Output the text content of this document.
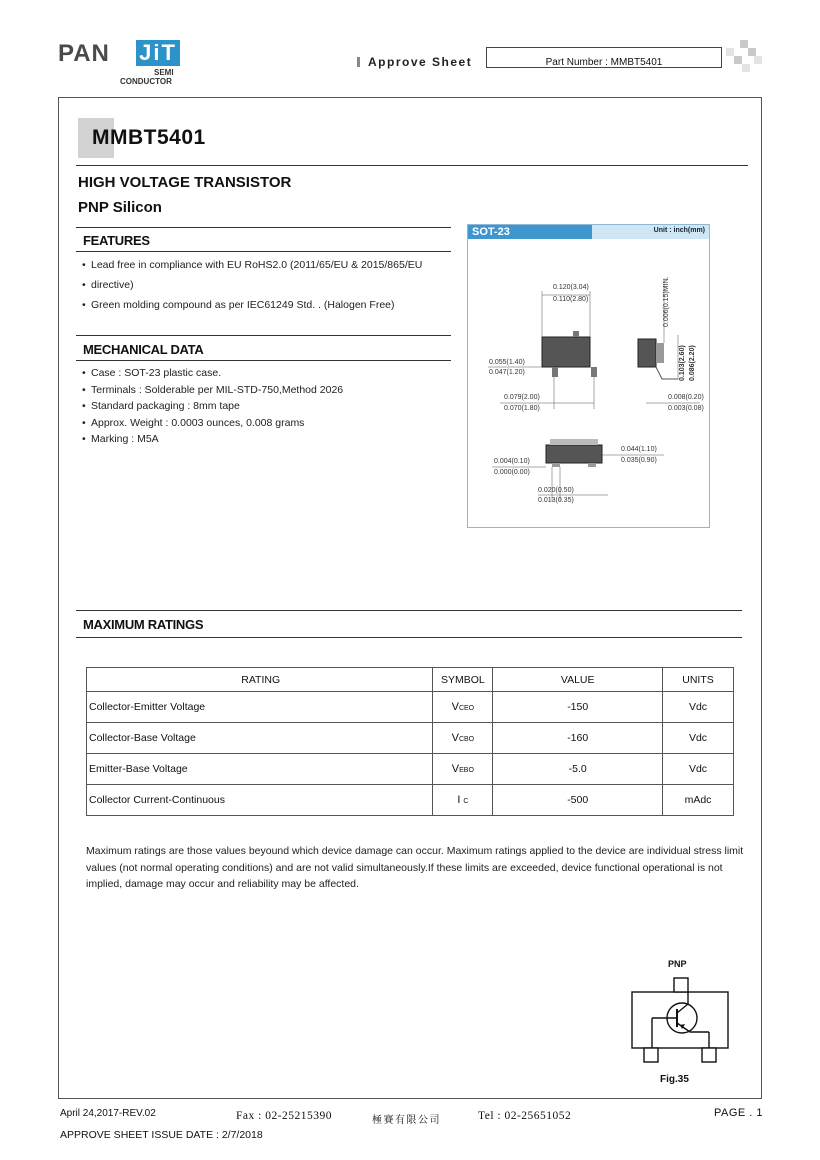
PAN JiT
SEMI
CONDUCTOR
Approve Sheet	Part Number : MMBT5401
MMBT5401
HIGH VOLTAGE TRANSISTOR
PNP Silicon
FEATURES
• Lead free in compliance with EU RoHS2.0 (2011/65/EU & 2015/865/EU
• directive)
• Green molding compound as per IEC61249 Std. . (Halogen Free)
MECHANICAL DATA
• Case : SOT-23 plastic case.
• Terminals : Solderable per MIL-STD-750,Method 2026
• Standard packaging : 8mm tape
• Approx. Weight : 0.0003 ounces, 0.008 grams
• Marking : M5A
SOT-23	Unit : inch(mm)
0.120(3.04)
0.110(2.80)
0.055(1.40)
0.047(1.20)
0.079(2.00)
0.070(1.80)
0.006(0.15)MIN.
0.103(2.60) 0.086(2.20)
0.008(0.20)
0.003(0.08)
0.004(0.10)
0.000(0.00)
0.044(1.10)
0.035(0.90)
0.020(0.50)
0.013(0.35)
MAXIMUM RATINGS
RATING	SYMBOL	VALUE	UNITS
Collector-Emitter Voltage	VCEO	-150	Vdc
Collector-Base Voltage	VCBO	-160	Vdc
Emitter-Base Voltage	VEBO	-5.0	Vdc
Collector Current-Continuous	I C	-500	mAdc
Maximum ratings are those values beyound which device damage can occur. Maximum ratings applied to the device are individual stress limit values (not normal operating conditions) and are not valid simultaneously.If these limits are exceeded, device functional operational is not implied, damage may occur and reliability may be affected.
PNP
Fig.35
April 24,2017-REV.02	Fax : 02-25215390	極賽有限公司	Tel : 02-25651052	PAGE . 1
APPROVE SHEET ISSUE DATE : 2/7/2018
